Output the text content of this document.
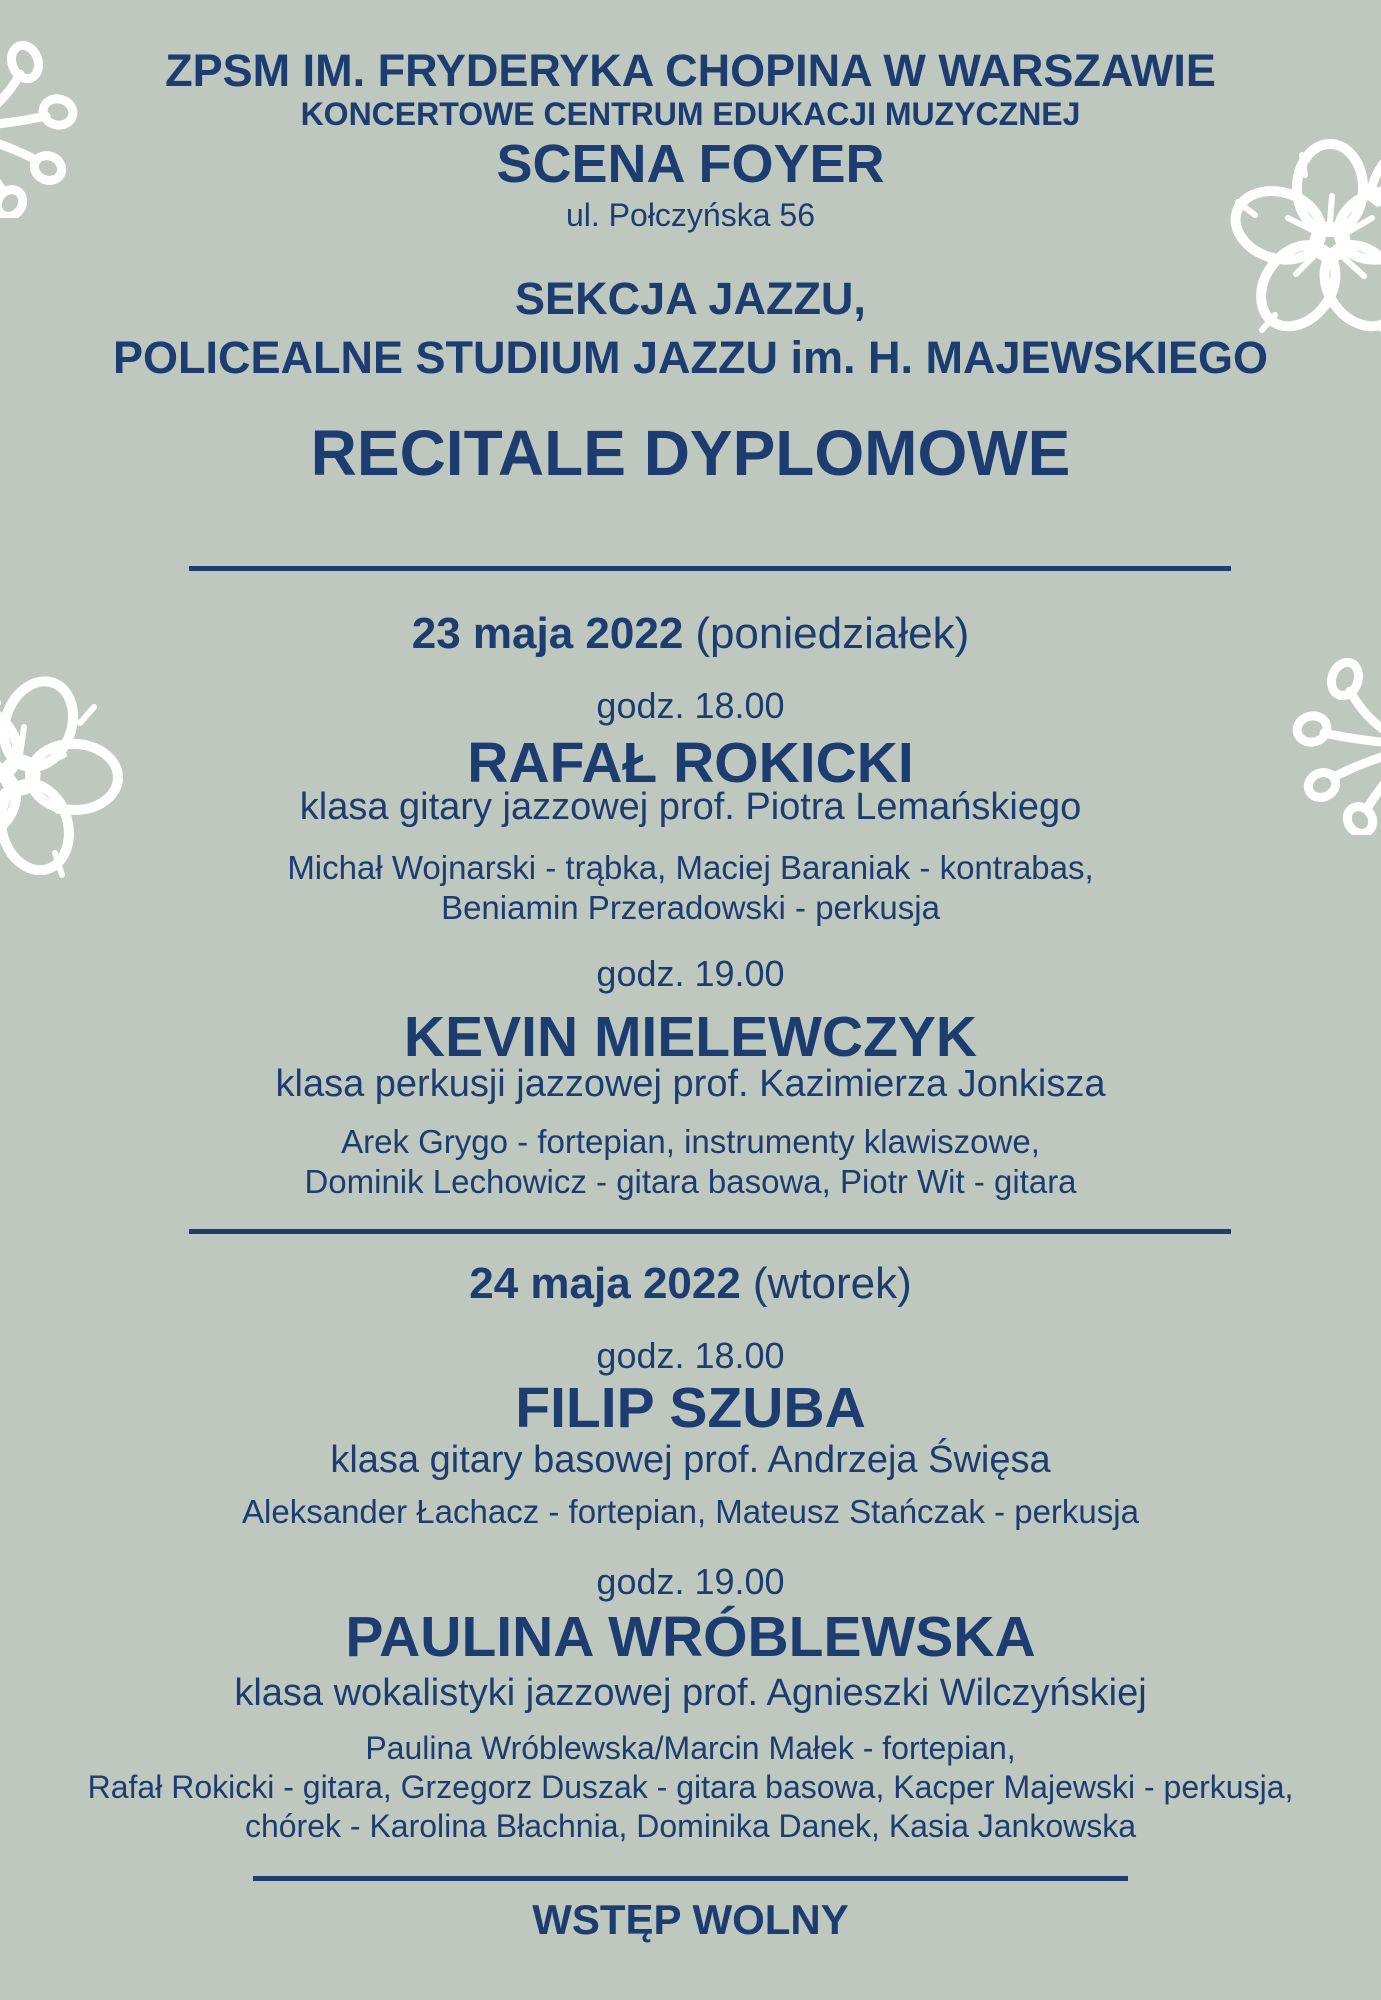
ZPSM IM. FRYDERYKA CHOPINA W WARSZAWIE
KONCERTOWE CENTRUM EDUKACJI MUZYCZNEJ
SCENA FOYER
ul. Połczyńska 56
SEKCJA JAZZU,
POLICEALNE STUDIUM JAZZU im. H. MAJEWSKIEGO
RECITALE DYPLOMOWE
23 maja 2022 (poniedziałek)
godz. 18.00
RAFAŁ ROKICKI
klasa gitary jazzowej prof. Piotra Lemańskiego
Michał Wojnarski - trąbka, Maciej Baraniak - kontrabas,
Beniamin Przeradowski - perkusja
godz. 19.00
KEVIN MIELEWCZYK
klasa perkusji jazzowej prof. Kazimierza Jonkisza
Arek Grygo - fortepian, instrumenty klawiszowe,
Dominik Lechowicz - gitara basowa, Piotr Wit - gitara
24 maja 2022 (wtorek)
godz. 18.00
FILIP SZUBA
klasa gitary basowej prof. Andrzeja Święsa
Aleksander Łachacz - fortepian, Mateusz Stańczak - perkusja
godz. 19.00
PAULINA WRÓBLEWSKA
klasa wokalistyki jazzowej prof. Agnieszki Wilczyńskiej
Paulina Wróblewska/Marcin Małek - fortepian,
Rafał Rokicki - gitara, Grzegorz Duszak - gitara basowa, Kacper Majewski - perkusja,
chórek - Karolina Błachnia, Dominika Danek, Kasia Jankowska
WSTĘP WOLNY
